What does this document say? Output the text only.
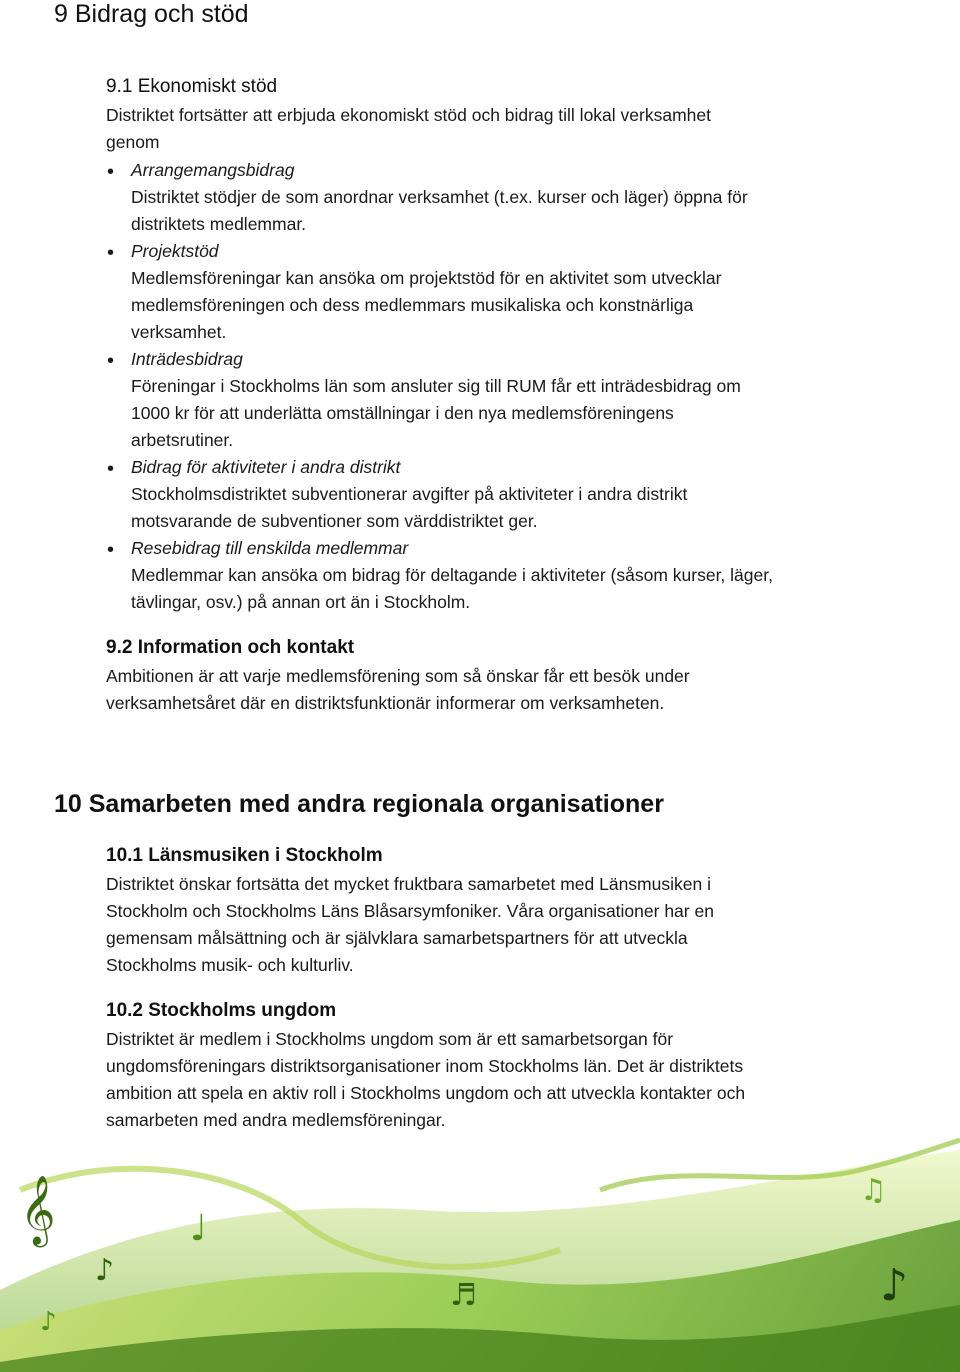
9 Bidrag och stöd
9.1 Ekonomiskt stöd
Distriktet fortsätter att erbjuda ekonomiskt stöd och bidrag till lokal verksamhet
genom
• Arrangemangsbidrag
Distriktet stödjer de som anordnar verksamhet (t.ex. kurser och läger) öppna för
distriktets medlemmar.
• Projektstöd
Medlemsföreningar kan ansöka om projektstöd för en aktivitet som utvecklar
medlemsföreningen och dess medlemmars musikaliska och konstnärliga
verksamhet.
• Inträdesbidrag
Föreningar i Stockholms län som ansluter sig till RUM får ett inträdesbidrag om
1000 kr för att underlätta omställningar i den nya medlemsföreningens
arbetsrutiner.
• Bidrag för aktiviteter i andra distrikt
Stockholmsdistriktet subventionerar avgifter på aktiviteter i andra distrikt
motsvarande de subventioner som värddistriktet ger.
• Resebidrag till enskilda medlemmar
Medlemmar kan ansöka om bidrag för deltagande i aktiviteter (såsom kurser, läger,
tävlingar, osv.) på annan ort än i Stockholm.
9.2 Information och kontakt
Ambitionen är att varje medlemsförening som så önskar får ett besök under
verksamhetsåret där en distriktsfunktionär informerar om verksamheten.
10 Samarbeten med andra regionala organisationer
10.1 Länsmusiken i Stockholm
Distriktet önskar fortsätta det mycket fruktbara samarbetet med Länsmusiken i
Stockholm och Stockholms Läns Blåsarsymfoniker. Våra organisationer har en
gemensam målsättning och är självklara samarbetspartners för att utveckla
Stockholms musik- och kulturliv.
10.2 Stockholms ungdom
Distriktet är medlem i Stockholms ungdom som är ett samarbetsorgan för
ungdomsföreningars distriktsorganisationer inom Stockholms län. Det är distriktets
ambition att spela en aktiv roll i Stockholms ungdom och att utveckla kontakter och
samarbeten med andra medlemsföreningar.
𝄞	♩
♪	♪
♫
♬
♪
